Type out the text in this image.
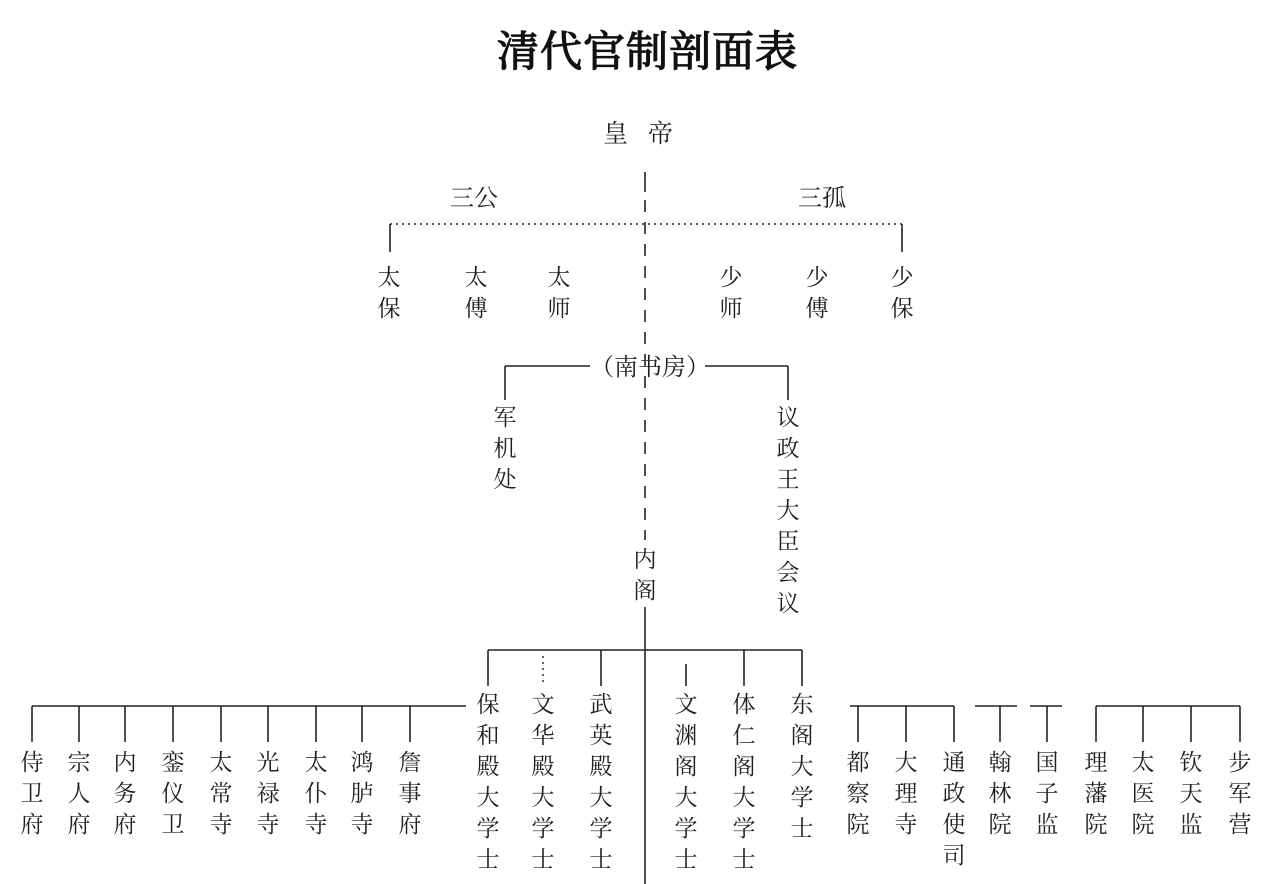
清代官制剖面表
皇 帝
三公	三孤
太保
太傅
太师
少师
少傅
少保
（南书房）
军机处
议政王大臣会议
内阁
保和殿大学士
文华殿大学士
武英殿大学士
文渊阁大学士
体仁阁大学士
东阁大学士
侍卫府
宗人府
内务府
銮仪卫
太常寺
光禄寺
太仆寺
鸿胪寺
詹事府
都察院
大理寺
通政使司
翰林院
国子监
理藩院
太医院
钦天监
步军营
